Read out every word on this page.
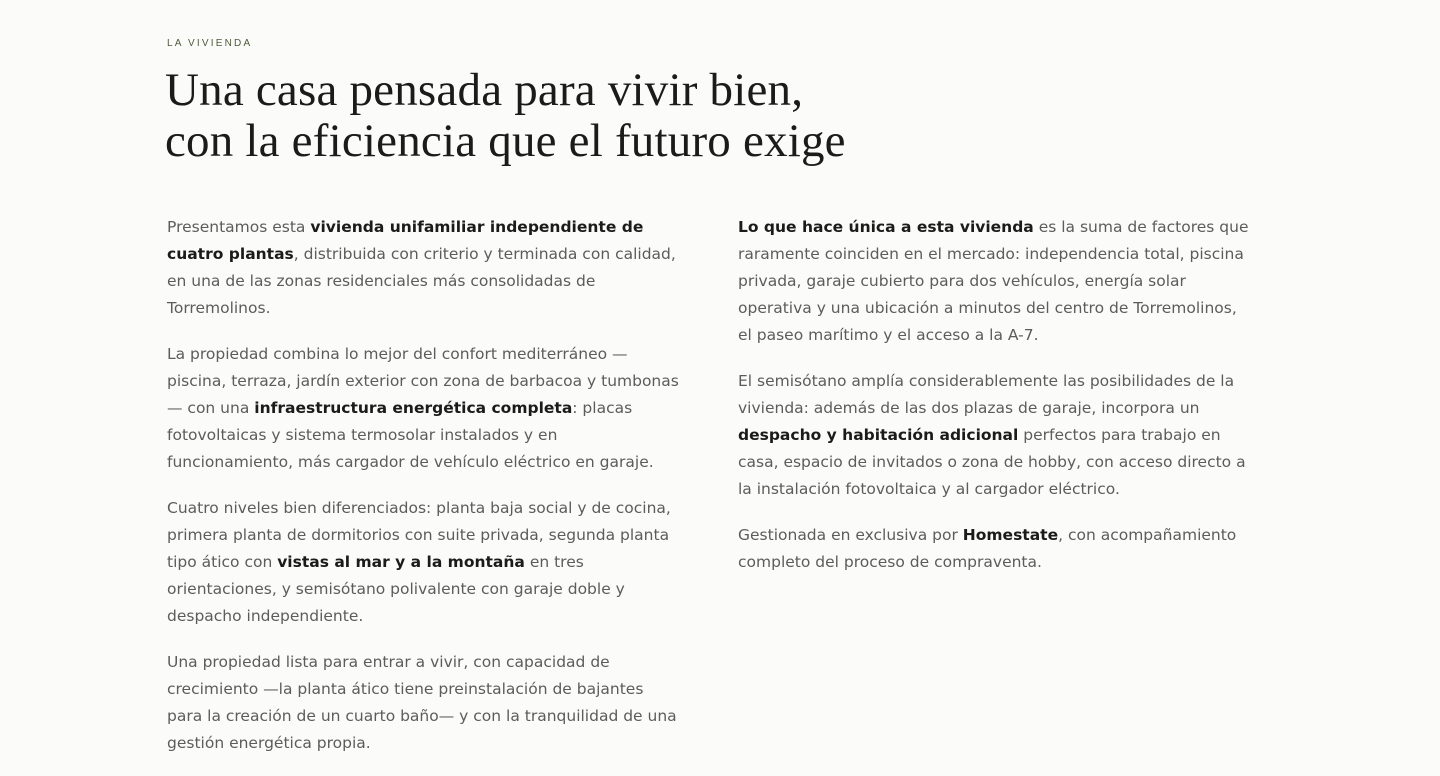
LA VIVIENDA

Una casa pensada para vivir bien,
con la eficiencia que el futuro exige

Presentamos esta vivienda unifamiliar independiente de cuatro plantas, distribuida con criterio y terminada con calidad, en una de las zonas residenciales más consolidadas de Torremolinos.

La propiedad combina lo mejor del confort mediterráneo —piscina, terraza, jardín exterior con zona de barbacoa y tumbonas— con una infraestructura energética completa: placas fotovoltaicas y sistema termosolar instalados y en funcionamiento, más cargador de vehículo eléctrico en garaje.

Cuatro niveles bien diferenciados: planta baja social y de cocina, primera planta de dormitorios con suite privada, segunda planta tipo ático con vistas al mar y a la montaña en tres orientaciones, y semisótano polivalente con garaje doble y despacho independiente.

Una propiedad lista para entrar a vivir, con capacidad de crecimiento —la planta ático tiene preinstalación de bajantes para la creación de un cuarto baño— y con la tranquilidad de una gestión energética propia.

Lo que hace única a esta vivienda es la suma de factores que raramente coinciden en el mercado: independencia total, piscina privada, garaje cubierto para dos vehículos, energía solar operativa y una ubicación a minutos del centro de Torremolinos, el paseo marítimo y el acceso a la A-7.

El semisótano amplía considerablemente las posibilidades de la vivienda: además de las dos plazas de garaje, incorpora un despacho y habitación adicional perfectos para trabajo en casa, espacio de invitados o zona de hobby, con acceso directo a la instalación fotovoltaica y al cargador eléctrico.

Gestionada en exclusiva por Homestate, con acompañamiento completo del proceso de compraventa.
